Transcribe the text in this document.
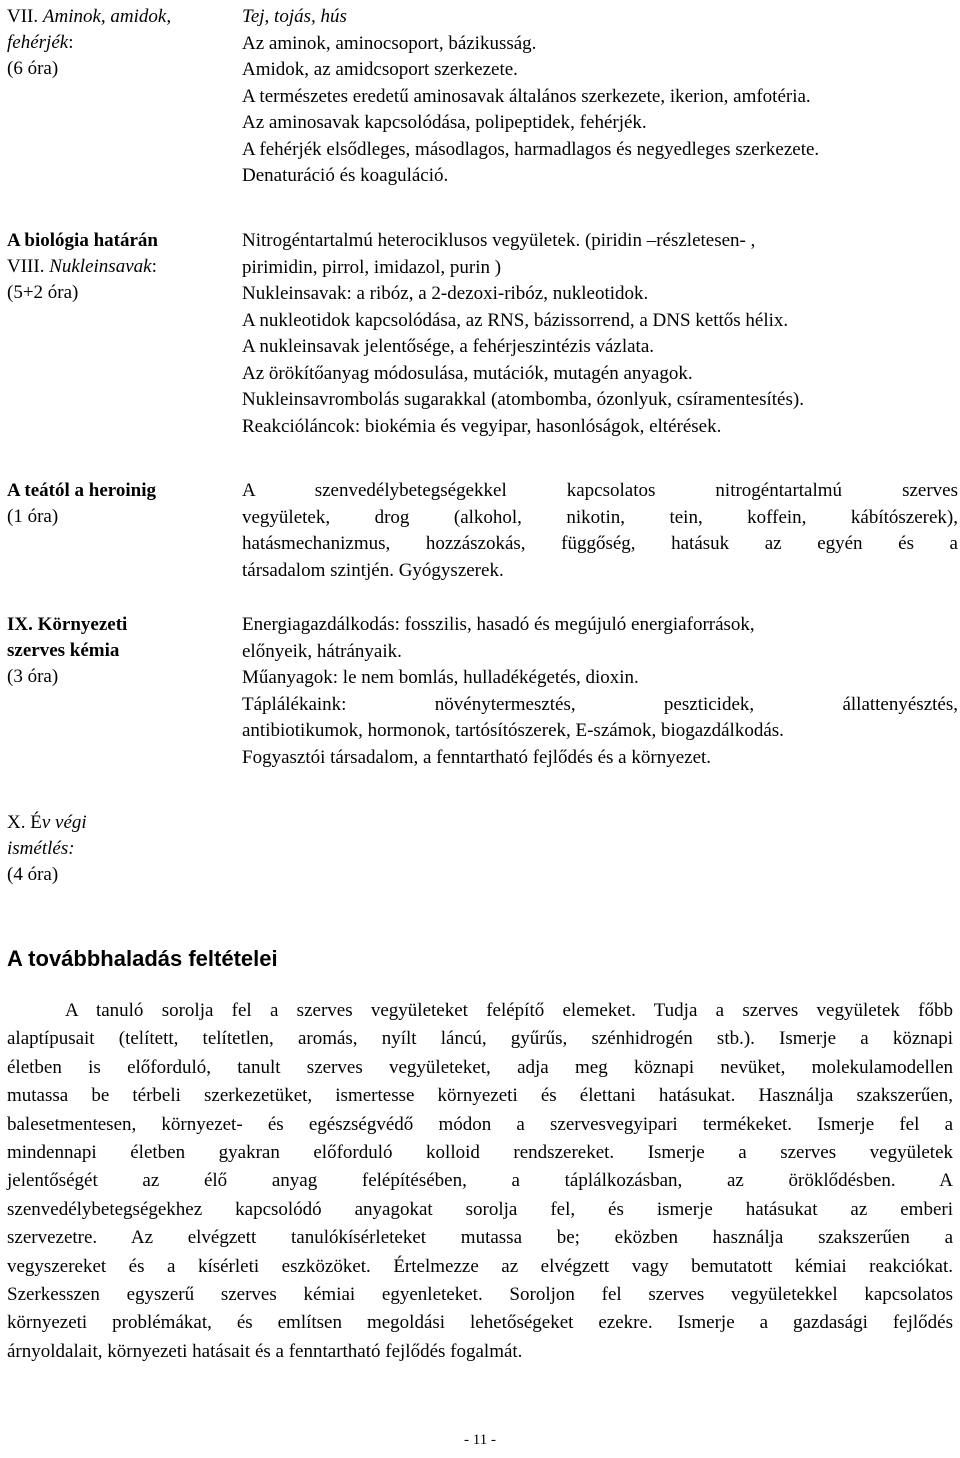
VII. Aminok, amidok,
fehérjék:
(6 óra)
Tej, tojás, hús
Az aminok, aminocsoport, bázikusság.
Amidok, az amidcsoport szerkezete.
A természetes eredetű aminosavak általános szerkezete, ikerion, amfotéria.
Az aminosavak kapcsolódása, polipeptidek, fehérjék.
A fehérjék elsődleges, másodlagos, harmadlagos és negyedleges szerkezete.
Denaturáció és koaguláció.
A biológia határán
VIII. Nukleinsavak:
(5+2 óra)
Nitrogéntartalmú heterociklusos vegyületek. (piridin –részletesen- ,
pirimidin, pirrol, imidazol, purin )
Nukleinsavak: a ribóz, a 2-dezoxi-ribóz, nukleotidok.
A nukleotidok kapcsolódása, az RNS, bázissorrend, a DNS kettős hélix.
A nukleinsavak jelentősége, a fehérjeszintézis vázlata.
Az örökítőanyag módosulása, mutációk, mutagén anyagok.
Nukleinsavrombolás sugarakkal (atombomba, ózonlyuk, csíramentesítés).
Reakcióláncok: biokémia és vegyipar, hasonlóságok, eltérések.
A teától a heroinig
(1 óra)
A szenvedélybetegségekkel kapcsolatos nitrogéntartalmú szerves
vegyületek, drog (alkohol, nikotin, tein, koffein, kábítószerek),
hatásmechanizmus, hozzászokás, függőség, hatásuk az egyén és a
társadalom szintjén. Gyógyszerek.
IX. Környezeti
szerves kémia
(3 óra)
Energiagazdálkodás: fosszilis, hasadó és megújuló energiaforrások,
előnyeik, hátrányaik.
Műanyagok: le nem bomlás, hulladékégetés, dioxin.
Táplálékaink: növénytermesztés, peszticidek, állattenyésztés,
antibiotikumok, hormonok, tartósítószerek, E-számok, biogazdálkodás.
Fogyasztói társadalom, a fenntartható fejlődés és a környezet.
X. Év végi
ismétlés:
(4 óra)
A továbbhaladás feltételei
A tanuló sorolja fel a szerves vegyületeket felépítő elemeket. Tudja a szerves vegyületek főbb
alaptípusait (telített, telítetlen, aromás, nyílt láncú, gyűrűs, szénhidrogén stb.). Ismerje a köznapi
életben is előforduló, tanult szerves vegyületeket, adja meg köznapi nevüket, molekulamodellen
mutassa be térbeli szerkezetüket, ismertesse környezeti és élettani hatásukat. Használja szakszerűen,
balesetmentesen, környezet- és egészségvédő módon a szervesvegyipari termékeket. Ismerje fel a
mindennapi életben gyakran előforduló kolloid rendszereket. Ismerje a szerves vegyületek
jelentőségét az élő anyag felépítésében, a táplálkozásban, az öröklődésben. A
szenvedélybetegségekhez kapcsolódó anyagokat sorolja fel, és ismerje hatásukat az emberi
szervezetre. Az elvégzett tanulókísérleteket mutassa be; eközben használja szakszerűen a
vegyszereket és a kísérleti eszközöket. Értelmezze az elvégzett vagy bemutatott kémiai reakciókat.
Szerkesszen egyszerű szerves kémiai egyenleteket. Soroljon fel szerves vegyületekkel kapcsolatos
környezeti problémákat, és említsen megoldási lehetőségeket ezekre. Ismerje a gazdasági fejlődés
árnyoldalait, környezeti hatásait és a fenntartható fejlődés fogalmát.
- 11 -
